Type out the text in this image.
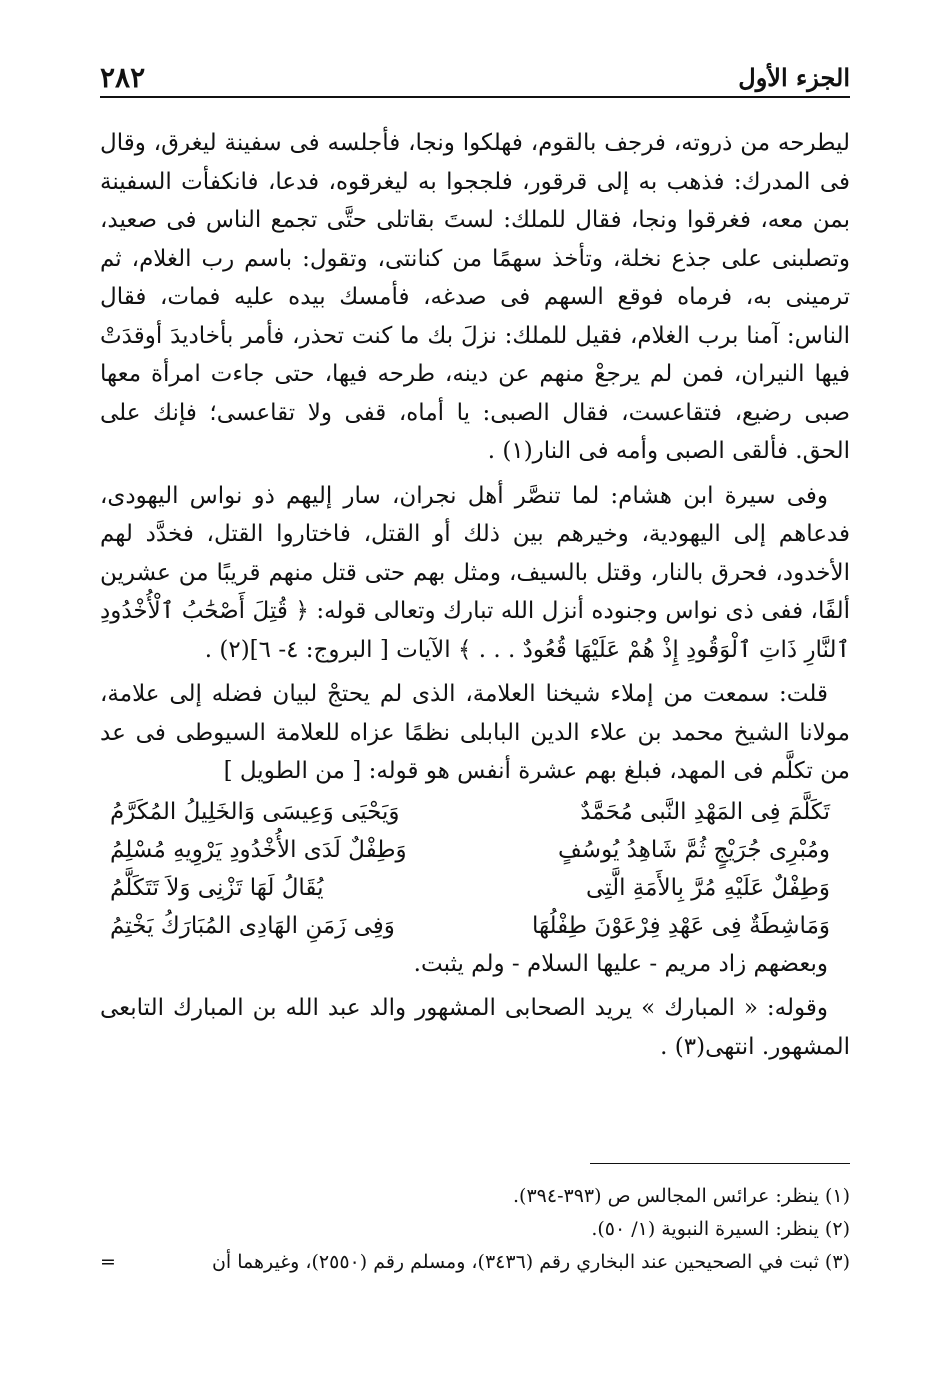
٢٨٢	الجزء الأول

ليطرحه من ذروته، فرجف بالقوم، فهلكوا ونجا، فأجلسه فى سفينة ليغرق، وقال فى المدرك: فذهب به إلى قرقور، فلججوا به ليغرقوه، فدعا، فانكفأت السفينة بمن معه، فغرقوا ونجا، فقال للملك: لستَ بقاتلى حتَّى تجمع الناس فى صعيد، وتصلبنى على جذع نخلة، وتأخذ سهمًا من كنانتى، وتقول: باسم رب الغلام، ثم ترمينى به، فرماه فوقع السهم فى صدغه، فأمسك بيده عليه فمات، فقال الناس: آمنا برب الغلام، فقيل للملك: نزلَ بك ما كنت تحذر، فأمر بأخاديدَ أوقدَتْ فيها النيران، فمن لم يرجعْ منهم عن دينه، طرحه فيها، حتى جاءت امرأة معها صبى رضيع، فتقاعست، فقال الصبى: يا أماه، قفى ولا تقاعسى؛ فإنك على الحق. فألقى الصبى وأمه فى النار(١) .

وفى سيرة ابن هشام: لما تنصَّر أهل نجران، سار إليهم ذو نواس اليهودى، فدعاهم إلى اليهودية، وخيرهم بين ذلك أو القتل، فاختاروا القتل، فخدَّد لهم الأخدود، فحرق بالنار، وقتل بالسيف، ومثل بهم حتى قتل منهم قريبًا من عشرين ألفًا، ففى ذى نواس وجنوده أنزل الله تبارك وتعالى قوله: ﴿ قُتِلَ أَصْحَٰبُ ٱلْأُخْدُودِ ٱلنَّارِ ذَاتِ ٱلْوَقُودِ إِذْ هُمْ عَلَيْهَا قُعُودٌ . . . ﴾ الآيات [ البروج: ٤- ٦](٢) .

قلت: سمعت من إملاء شيخنا العلامة، الذى لم يحتجْ لبيان فضله إلى علامة، مولانا الشيخ محمد بن علاء الدين البابلى نظمًا عزاه للعلامة السيوطى فى عد من تكلَّم فى المهد، فبلغ بهم عشرة أنفس هو قوله: [ من الطويل ]

تَكَلَّمَ فِى المَهْدِ النَّبى مُحَمَّدٌ
وَيَحْيَى وَعِيسَى وَالخَلِيلُ المُكَرَّمُ
ومُبْرِى جُرَيْجٍ ثُمَّ شَاهِدُ يُوسُفٍ
وَطِفْلٌ لَدَى الأُخْدُودِ يَرْوِيهِ مُسْلِمُ
وَطِفْلٌ عَلَيْهِ مُرَّ بِالأَمَةِ الَّتِى
يُقَالُ لَهَا تَزْنِى وَلاَ تَتَكَلَّمُ
وَمَاشِطَةٌ فِى عَهْدِ فِرْعَوْنَ طِفْلُهَا
وَفِى زَمَنِ الهَادِى المُبَارَكُ يَخْتِمُ

وبعضهم زاد مريم - عليها السلام - ولم يثبت.

وقوله: « المبارك » يريد الصحابى المشهور والد عبد الله بن المبارك التابعى المشهور. انتهى(٣) .

(١) ينظر: عرائس المجالس ص (٣٩٣-٣٩٤).
(٢) ينظر: السيرة النبوية (١/ ٥٠).
(٣) ثبت في الصحيحين عند البخاري رقم (٣٤٣٦)، ومسلم رقم (٢٥٥٠)، وغيرهما أن
=
